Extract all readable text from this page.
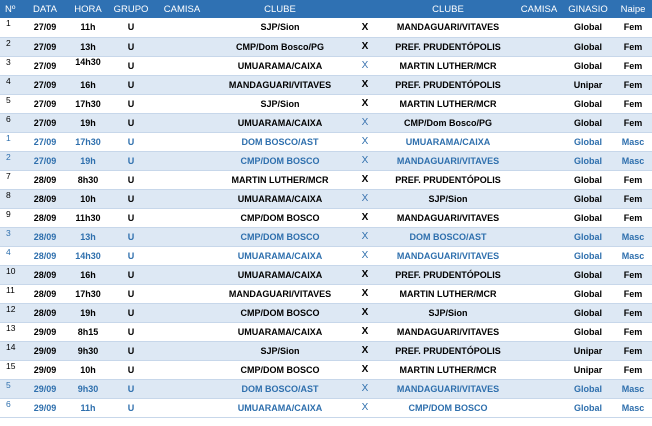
Nº	DATA	HORA	GRUPO	CAMISA	CLUBE		CLUBE	CAMISA	GINASIO	Naipe
1	27/09	11h	U		SJP/Sion	X	MANDAGUARI/VITAVES		Global	Fem
2	27/09	13h	U		CMP/Dom Bosco/PG	X	PREF. PRUDENTÓPOLIS		Global	Fem
3	27/09	14h30	U		UMUARAMA/CAIXA	X	MARTIN LUTHER/MCR		Global	Fem
4	27/09	16h	U		MANDAGUARI/VITAVES	X	PREF. PRUDENTÓPOLIS		Unipar	Fem
5	27/09	17h30	U		SJP/Sion	X	MARTIN LUTHER/MCR		Global	Fem
6	27/09	19h	U		UMUARAMA/CAIXA	X	CMP/Dom Bosco/PG		Global	Fem
1	27/09	17h30	U		DOM BOSCO/AST	X	UMUARAMA/CAIXA		Global	Masc
2	27/09	19h	U		CMP/DOM BOSCO	X	MANDAGUARI/VITAVES		Global	Masc
7	28/09	8h30	U		MARTIN LUTHER/MCR	X	PREF. PRUDENTÓPOLIS		Global	Fem
8	28/09	10h	U		UMUARAMA/CAIXA	X	SJP/Sion		Global	Fem
9	28/09	11h30	U		CMP/DOM BOSCO	X	MANDAGUARI/VITAVES		Global	Fem
3	28/09	13h	U		CMP/DOM BOSCO	X	DOM BOSCO/AST		Global	Masc
4	28/09	14h30	U		UMUARAMA/CAIXA	X	MANDAGUARI/VITAVES		Global	Masc
10	28/09	16h	U		UMUARAMA/CAIXA	X	PREF. PRUDENTÓPOLIS		Global	Fem
11	28/09	17h30	U		MANDAGUARI/VITAVES	X	MARTIN LUTHER/MCR		Global	Fem
12	28/09	19h	U		CMP/DOM BOSCO	X	SJP/Sion		Global	Fem
13	29/09	8h15	U		UMUARAMA/CAIXA	X	MANDAGUARI/VITAVES		Global	Fem
14	29/09	9h30	U		SJP/Sion	X	PREF. PRUDENTÓPOLIS		Unipar	Fem
15	29/09	10h	U		CMP/DOM BOSCO	X	MARTIN LUTHER/MCR		Unipar	Fem
5	29/09	9h30	U		DOM BOSCO/AST	X	MANDAGUARI/VITAVES		Global	Masc
6	29/09	11h	U		UMUARAMA/CAIXA	X	CMP/DOM BOSCO		Global	Masc
